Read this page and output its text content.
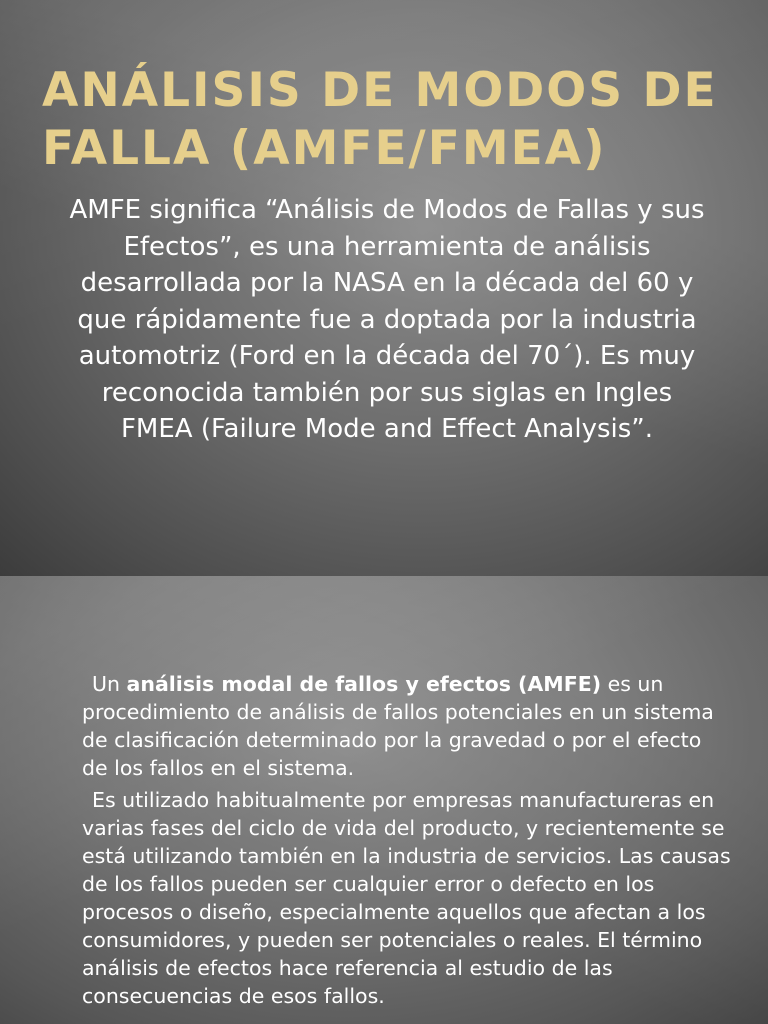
ANÁLISIS DE MODOS DE FALLA (AMFE/FMEA)

AMFE significa “Análisis de Modos de Fallas y sus Efectos”, es una herramienta de análisis desarrollada por la NASA en la década del 60 y que rápidamente fue a doptada por la industria automotriz (Ford en la década del 70´). Es muy reconocida también por sus siglas en Ingles FMEA (Failure Mode and Effect Analysis”.

Un análisis modal de fallos y efectos (AMFE) es un procedimiento de análisis de fallos potenciales en un sistema de clasificación determinado por la gravedad o por el efecto de los fallos en el sistema.

Es utilizado habitualmente por empresas manufactureras en varias fases del ciclo de vida del producto, y recientemente se está utilizando también en la industria de servicios. Las causas de los fallos pueden ser cualquier error o defecto en los procesos o diseño, especialmente aquellos que afectan a los consumidores, y pueden ser potenciales o reales. El término análisis de efectos hace referencia al estudio de las consecuencias de esos fallos.
